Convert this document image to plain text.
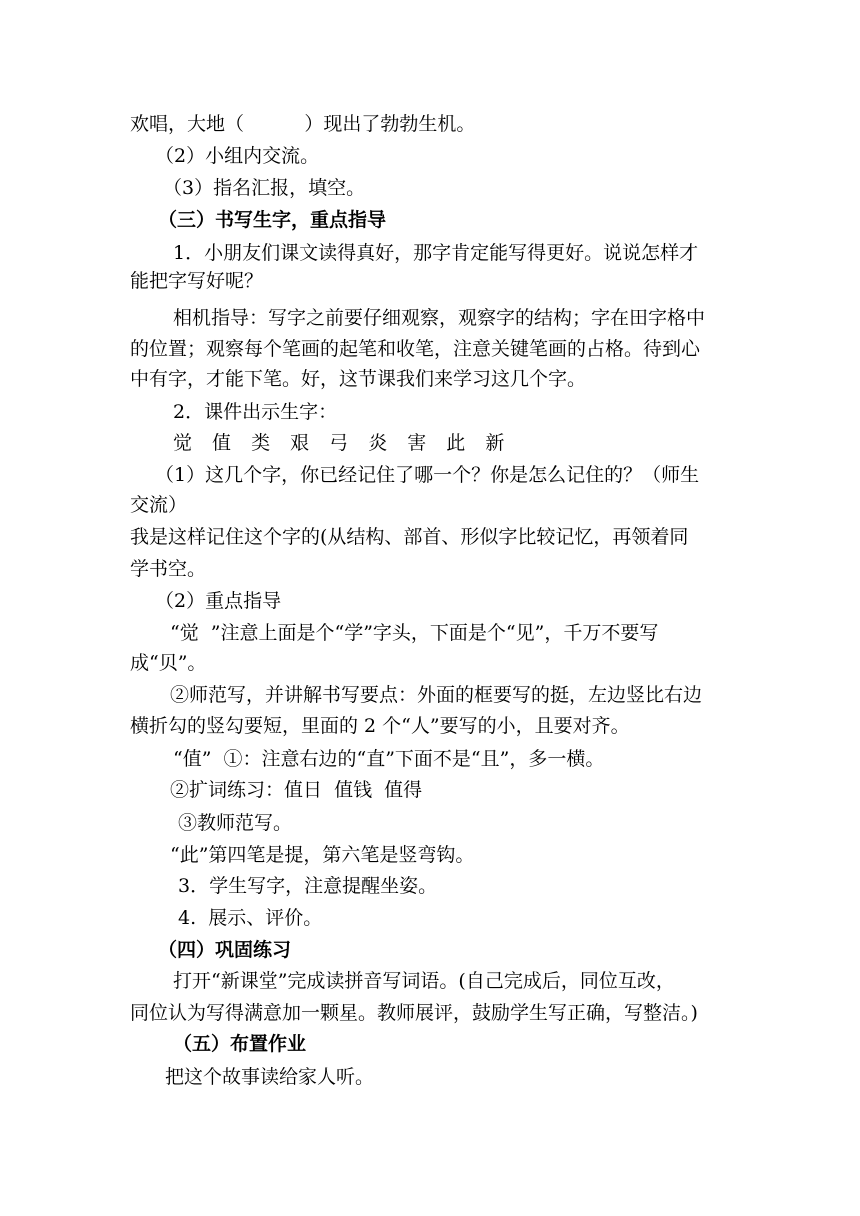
欢唱，大地（          ）现出了勃勃生机。
（2）小组内交流。
（3）指名汇报，填空。
（三）书写生字，重点指导
1．小朋友们课文读得真好，那字肯定能写得更好。说说怎样才
能把字写好呢？
相机指导：写字之前要仔细观察，观察字的结构；字在田字格中
的位置；观察每个笔画的起笔和收笔，注意关键笔画的占格。待到心
中有字，才能下笔。好，这节课我们来学习这几个字。
2．课件出示生字：
觉 值 类 艰 弓 炎 害 此 新
（1）这几个字，你已经记住了哪一个？你是怎么记住的？（师生
交流）
我是这样记住这个字的(从结构、部首、形似字比较记忆，再领着同
学书空。
（2）重点指导
“觉  ”注意上面是个“学”字头，下面是个“见”，千万不要写
成“贝”。
②师范写，并讲解书写要点：外面的框要写的挺，左边竖比右边
横折勾的竖勾要短，里面的 2 个“人”要写的小，且要对齐。
“值”  ①：注意右边的“直”下面不是“且”，多一横。
②扩词练习：值日  值钱  值得
③教师范写。
“此”第四笔是提，第六笔是竖弯钩。
3．学生写字，注意提醒坐姿。
4.  展示、评价。
（四）巩固练习
打开“新课堂”完成读拼音写词语。(自己完成后，同位互改，
同位认为写得满意加一颗星。教师展评，鼓励学生写正确，写整洁。)
（五）布置作业
把这个故事读给家人听。
